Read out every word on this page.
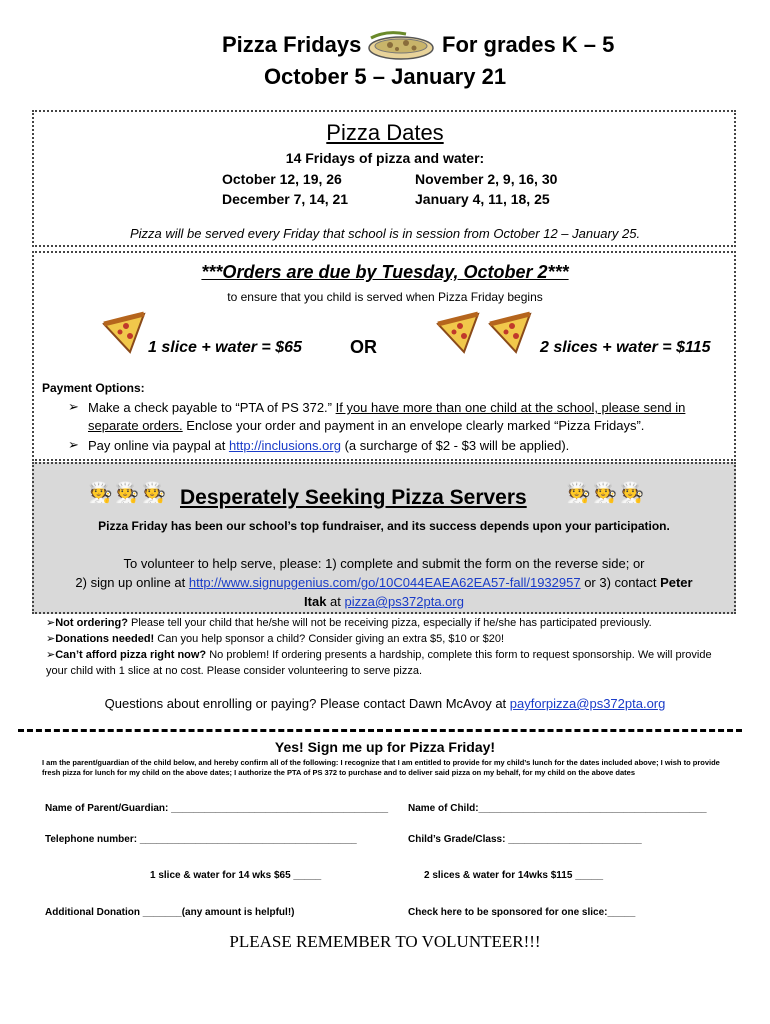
Pizza Fridays	For grades K – 5
October 5 – January 21
Pizza Dates
14 Fridays of pizza and water:
October 12, 19, 26	November 2, 9, 16, 30
December 7, 14, 21	January 4, 11, 18, 25
Pizza will be served every Friday that school is in session from October 12 – January 25.
***Orders are due by Tuesday, October 2***
to ensure that you child is served when Pizza Friday begins
1 slice + water = $65	OR	2 slices + water = $115
Payment Options:
➢ Make a check payable to “PTA of PS 372.” If you have more than one child at the school, please send in separate orders. Enclose your order and payment in an envelope clearly marked “Pizza Fridays”.
➢ Pay online via paypal at http://inclusions.org (a surcharge of $2 - $3 will be applied).
🧑‍🍳🧑‍🍳🧑‍🍳 Desperately Seeking Pizza Servers 🧑‍🍳🧑‍🍳🧑‍🍳
Pizza Friday has been our school’s top fundraiser, and its success depends upon your participation.
To volunteer to help serve, please: 1) complete and submit the form on the reverse side; or
2) sign up online at http://www.signupgenius.com/go/10C044EAEA62EA57-fall/1932957 or 3) contact Peter
Itak at pizza@ps372pta.org
➢Not ordering? Please tell your child that he/she will not be receiving pizza, especially if he/she has participated previously.
➢Donations needed! Can you help sponsor a child? Consider giving an extra $5, $10 or $20!
➢Can’t afford pizza right now? No problem! If ordering presents a hardship, complete this form to request sponsorship. We will provide your child with 1 slice at no cost. Please consider volunteering to serve pizza.
Questions about enrolling or paying? Please contact Dawn McAvoy at payforpizza@ps372pta.org
Yes! Sign me up for Pizza Friday!
I am the parent/guardian of the child below, and hereby confirm all of the following: I recognize that I am entitled to provide for my child’s lunch for the dates included above; I wish to provide fresh pizza for lunch for my child on the above dates; I authorize the PTA of PS 372 to purchase and to deliver said pizza on my behalf, for my child on the above dates
Name of Parent/Guardian: _______________________________________ Name of Child:_________________________________________
Telephone number: _______________________________________	Child’s Grade/Class: ________________________
1 slice & water for 14 wks $65 _____	2 slices & water for 14wks $115 _____
Additional Donation _______(any amount is helpful!)	Check here to be sponsored for one slice:_____
PLEASE REMEMBER TO VOLUNTEER!!!
